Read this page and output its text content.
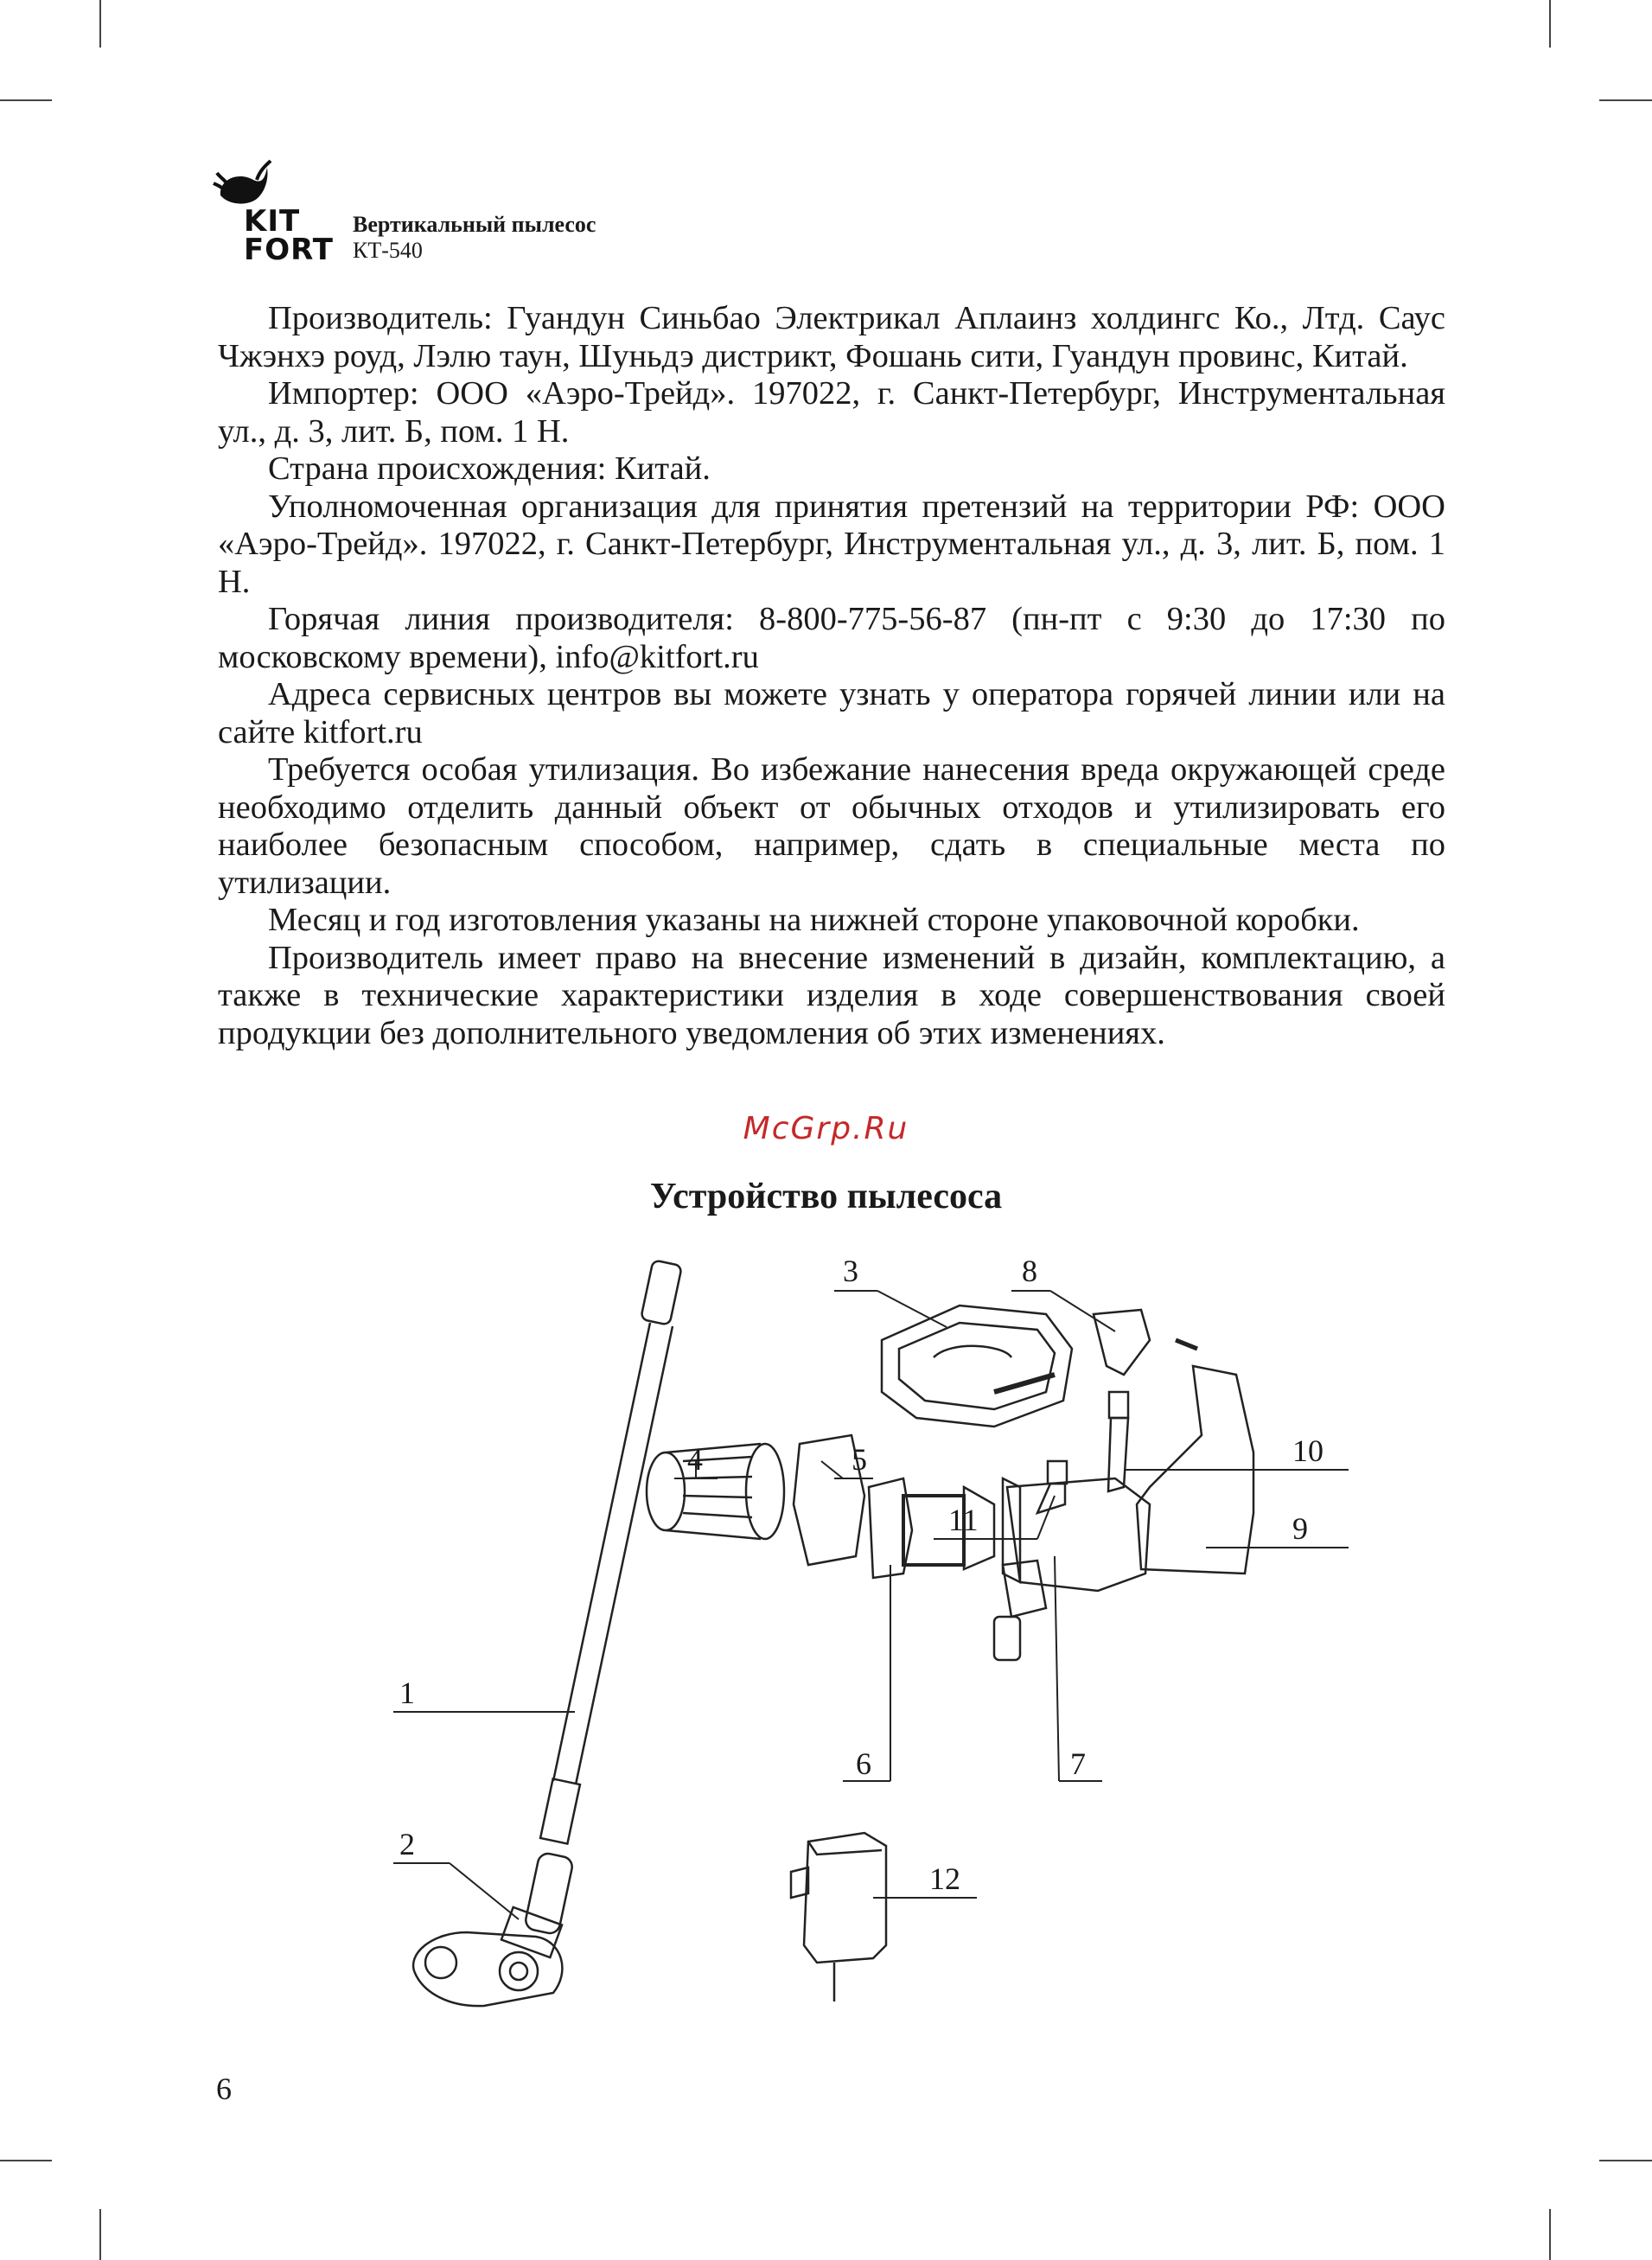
KIT
FORT
Вертикальный пылесос
КТ-540

Производитель: Гуандун Синьбао Электрикал Аплаинз холдингс Ко., Лтд. Саус Чжэнхэ роуд, Лэлю таун, Шуньдэ дистрикт, Фошань сити, Гуандун провинс, Китай.

Импортер: ООО «Аэро-Трейд». 197022, г. Санкт-Петербург, Инструментальная ул., д. 3, лит. Б, пом. 1 Н.

Страна происхождения: Китай.

Уполномоченная организация для принятия претензий на территории РФ: ООО «Аэро-Трейд». 197022, г. Санкт-Петербург, Инструментальная ул., д. 3, лит. Б, пом. 1 Н.

Горячая линия производителя: 8-800-775-56-87 (пн-пт с 9:30 до 17:30 по московскому времени), info@kitfort.ru

Адреса сервисных центров вы можете узнать у оператора горячей линии или на сайте kitfort.ru

Требуется особая утилизация. Во избежание нанесения вреда окружающей среде необходимо отделить данный объект от обычных отходов и утилизировать его наиболее безопасным способом, например, сдать в специальные места по утилизации.

Месяц и год изготовления указаны на нижней стороне упаковочной коробки.

Производитель имеет право на внесение изменений в дизайн, комплектацию, а также в технические характеристики изделия в ходе совершенствования своей продукции без дополнительного уведомления об этих изменениях.

McGrp.Ru
Устройство пылесоса
1
2
3
4	5
6	7
8
9
10
11
12
6
